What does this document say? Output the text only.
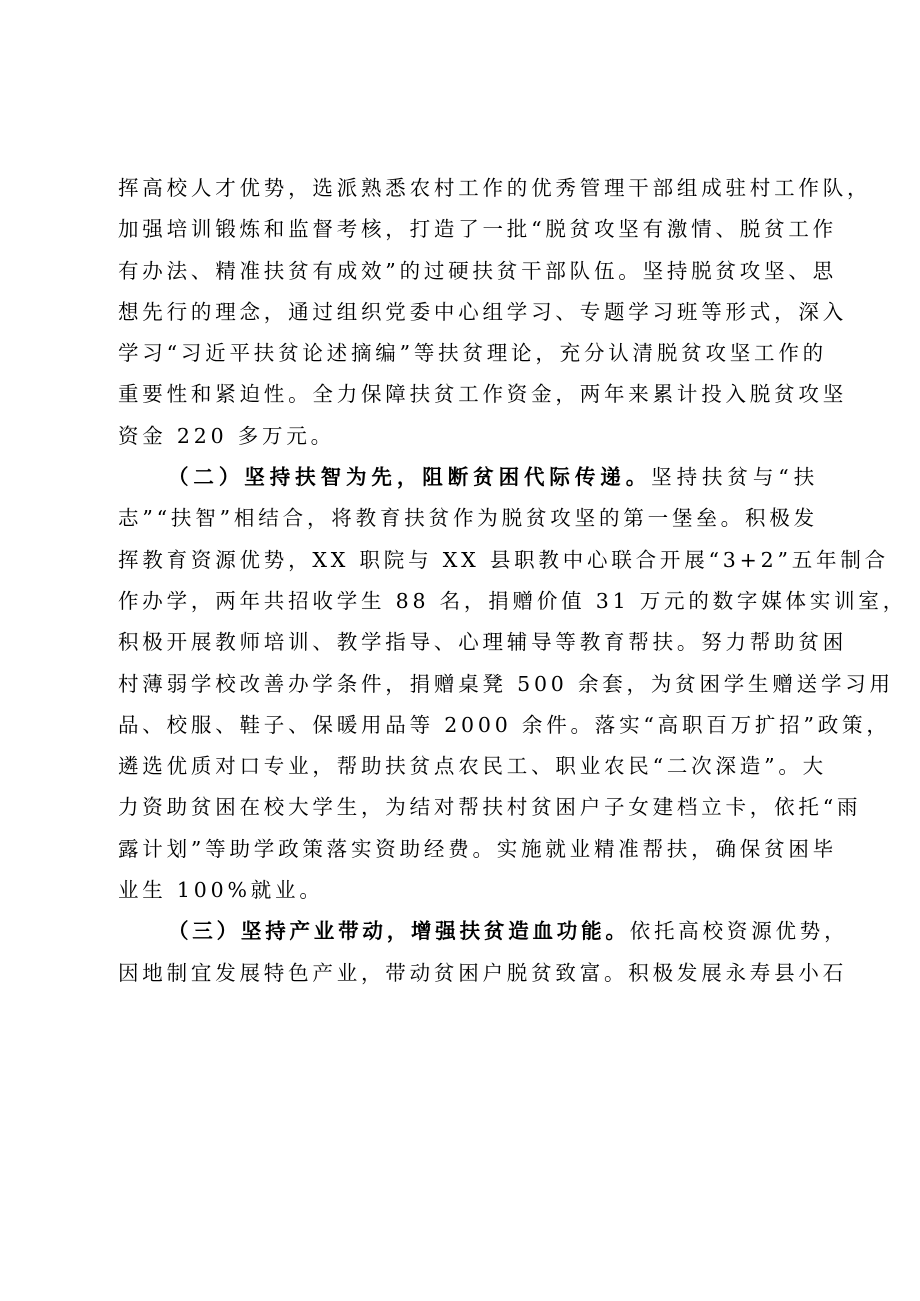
挥高校人才优势，选派熟悉农村工作的优秀管理干部组成驻村工作队，
加强培训锻炼和监督考核，打造了一批“脱贫攻坚有激情、脱贫工作
有办法、精准扶贫有成效”的过硬扶贫干部队伍。坚持脱贫攻坚、思
想先行的理念，通过组织党委中心组学习、专题学习班等形式，深入
学习“习近平扶贫论述摘编”等扶贫理论，充分认清脱贫攻坚工作的
重要性和紧迫性。全力保障扶贫工作资金，两年来累计投入脱贫攻坚
资金 220 多万元。

（二）坚持扶智为先，阻断贫困代际传递。坚持扶贫与“扶
志”“扶智”相结合，将教育扶贫作为脱贫攻坚的第一堡垒。积极发
挥教育资源优势，XX 职院与 XX 县职教中心联合开展“3+2”五年制合
作办学，两年共招收学生 88 名，捐赠价值 31 万元的数字媒体实训室，
积极开展教师培训、教学指导、心理辅导等教育帮扶。努力帮助贫困
村薄弱学校改善办学条件，捐赠桌凳 500 余套，为贫困学生赠送学习用
品、校服、鞋子、保暖用品等 2000 余件。落实“高职百万扩招”政策，
遴选优质对口专业，帮助扶贫点农民工、职业农民“二次深造”。大
力资助贫困在校大学生，为结对帮扶村贫困户子女建档立卡，依托“雨
露计划”等助学政策落实资助经费。实施就业精准帮扶，确保贫困毕
业生 100%就业。

（三）坚持产业带动，增强扶贫造血功能。依托高校资源优势，
因地制宜发展特色产业，带动贫困户脱贫致富。积极发展永寿县小石
